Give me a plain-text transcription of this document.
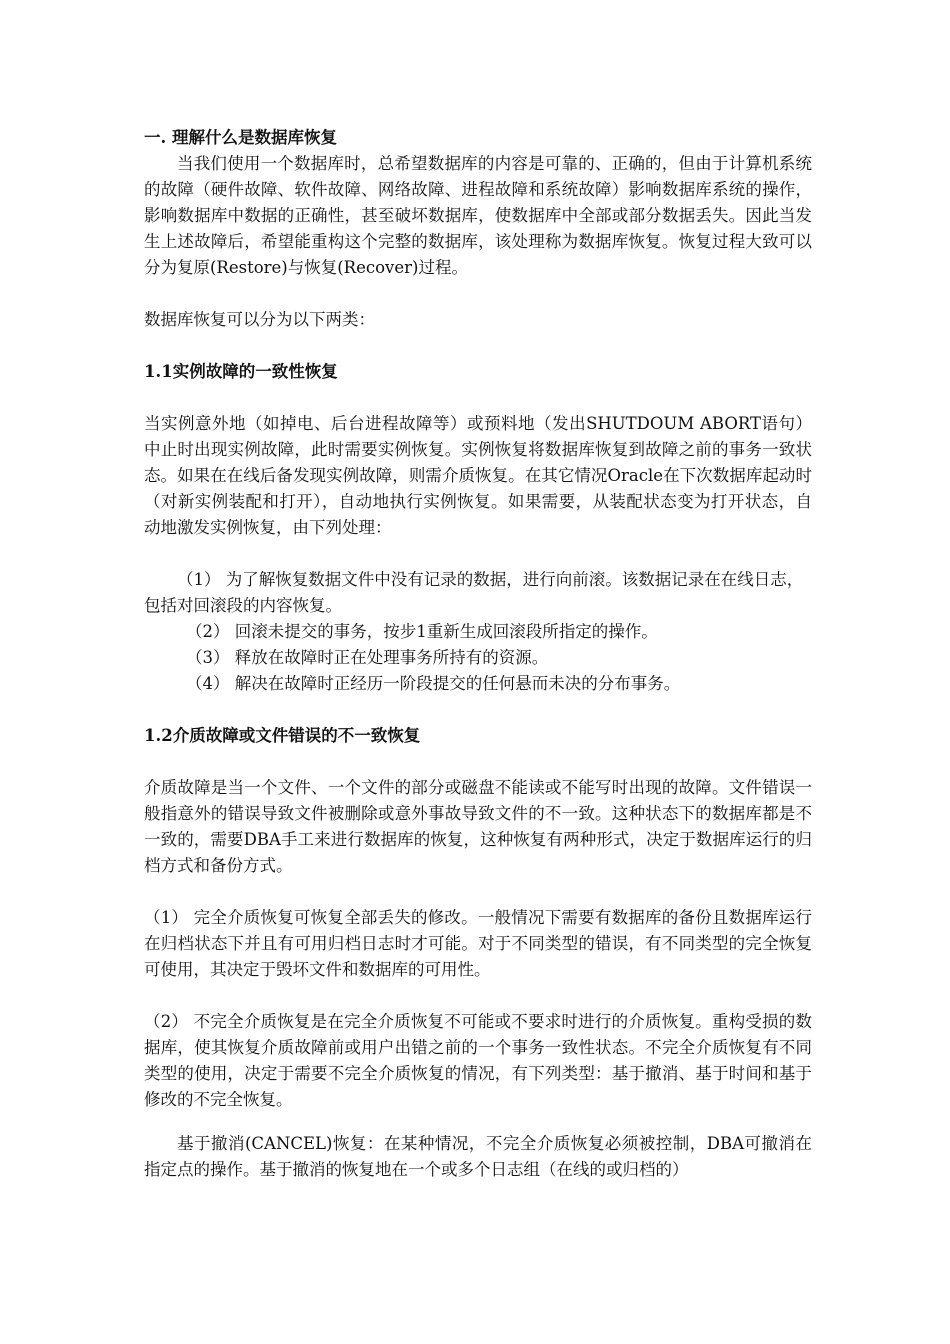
一. 理解什么是数据库恢复

当我们使用一个数据库时，总希望数据库的内容是可靠的、正确的，但由于计算机系统的故障（硬件故障、软件故障、网络故障、进程故障和系统故障）影响数据库系统的操作，影响数据库中数据的正确性，甚至破坏数据库，使数据库中全部或部分数据丢失。因此当发生上述故障后，希望能重构这个完整的数据库，该处理称为数据库恢复。恢复过程大致可以分为复原(Restore)与恢复(Recover)过程。

数据库恢复可以分为以下两类：

1.1实例故障的一致性恢复

当实例意外地（如掉电、后台进程故障等）或预料地（发出SHUTDOUM ABORT语句）中止时出现实例故障，此时需要实例恢复。实例恢复将数据库恢复到故障之前的事务一致状态。如果在在线后备发现实例故障，则需介质恢复。在其它情况Oracle在下次数据库起动时（对新实例装配和打开），自动地执行实例恢复。如果需要，从装配状态变为打开状态，自动地激发实例恢复，由下列处理：

（1） 为了解恢复数据文件中没有记录的数据，进行向前滚。该数据记录在在线日志，

包括对回滚段的内容恢复。

（2） 回滚未提交的事务，按步1重新生成回滚段所指定的操作。

（3） 释放在故障时正在处理事务所持有的资源。

（4） 解决在故障时正经历一阶段提交的任何悬而未决的分布事务。

1.2介质故障或文件错误的不一致恢复

介质故障是当一个文件、一个文件的部分或磁盘不能读或不能写时出现的故障。文件错误一般指意外的错误导致文件被删除或意外事故导致文件的不一致。这种状态下的数据库都是不一致的，需要DBA手工来进行数据库的恢复，这种恢复有两种形式，决定于数据库运行的归档方式和备份方式。

（1） 完全介质恢复可恢复全部丢失的修改。一般情况下需要有数据库的备份且数据库运行在归档状态下并且有可用归档日志时才可能。对于不同类型的错误，有不同类型的完全恢复可使用，其决定于毁坏文件和数据库的可用性。

（2） 不完全介质恢复是在完全介质恢复不可能或不要求时进行的介质恢复。重构受损的数据库，使其恢复介质故障前或用户出错之前的一个事务一致性状态。不完全介质恢复有不同类型的使用，决定于需要不完全介质恢复的情况，有下列类型：基于撤消、基于时间和基于修改的不完全恢复。

基于撤消(CANCEL)恢复：在某种情况，不完全介质恢复必须被控制，DBA可撤消在指定点的操作。基于撤消的恢复地在一个或多个日志组（在线的或归档的）
